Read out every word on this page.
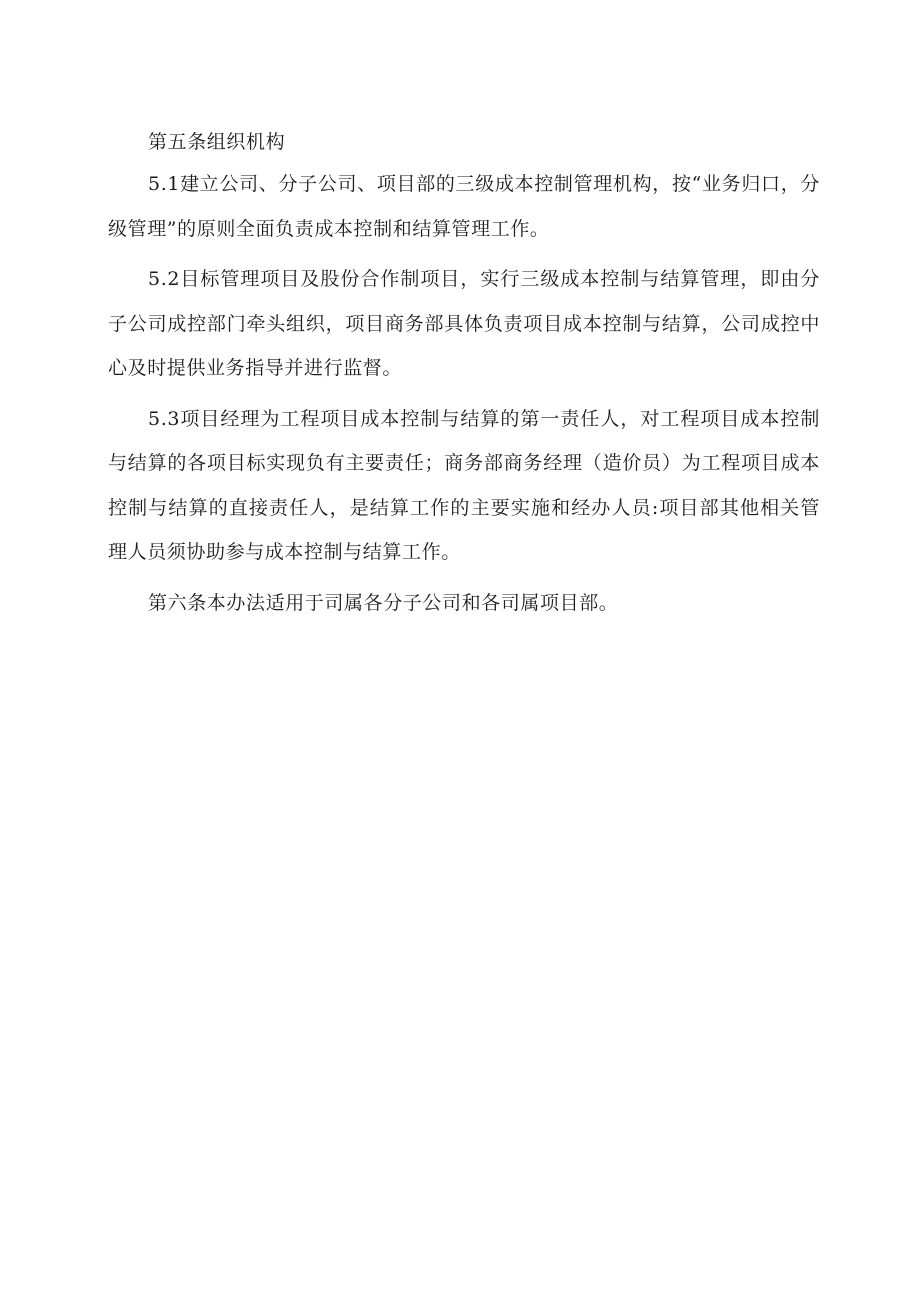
第五条组织机构

5.1建立公司、分子公司、项目部的三级成本控制管理机构，按“业务归口，分级管理”的原则全面负责成本控制和结算管理工作。

5.2目标管理项目及股份合作制项目，实行三级成本控制与结算管理，即由分子公司成控部门牵头组织，项目商务部具体负责项目成本控制与结算，公司成控中心及时提供业务指导并进行监督。

5.3项目经理为工程项目成本控制与结算的第一责任人，对工程项目成本控制与结算的各项目标实现负有主要责任；商务部商务经理（造价员）为工程项目成本控制与结算的直接责任人，是结算工作的主要实施和经办人员:项目部其他相关管理人员须协助参与成本控制与结算工作。

第六条本办法适用于司属各分子公司和各司属项目部。
